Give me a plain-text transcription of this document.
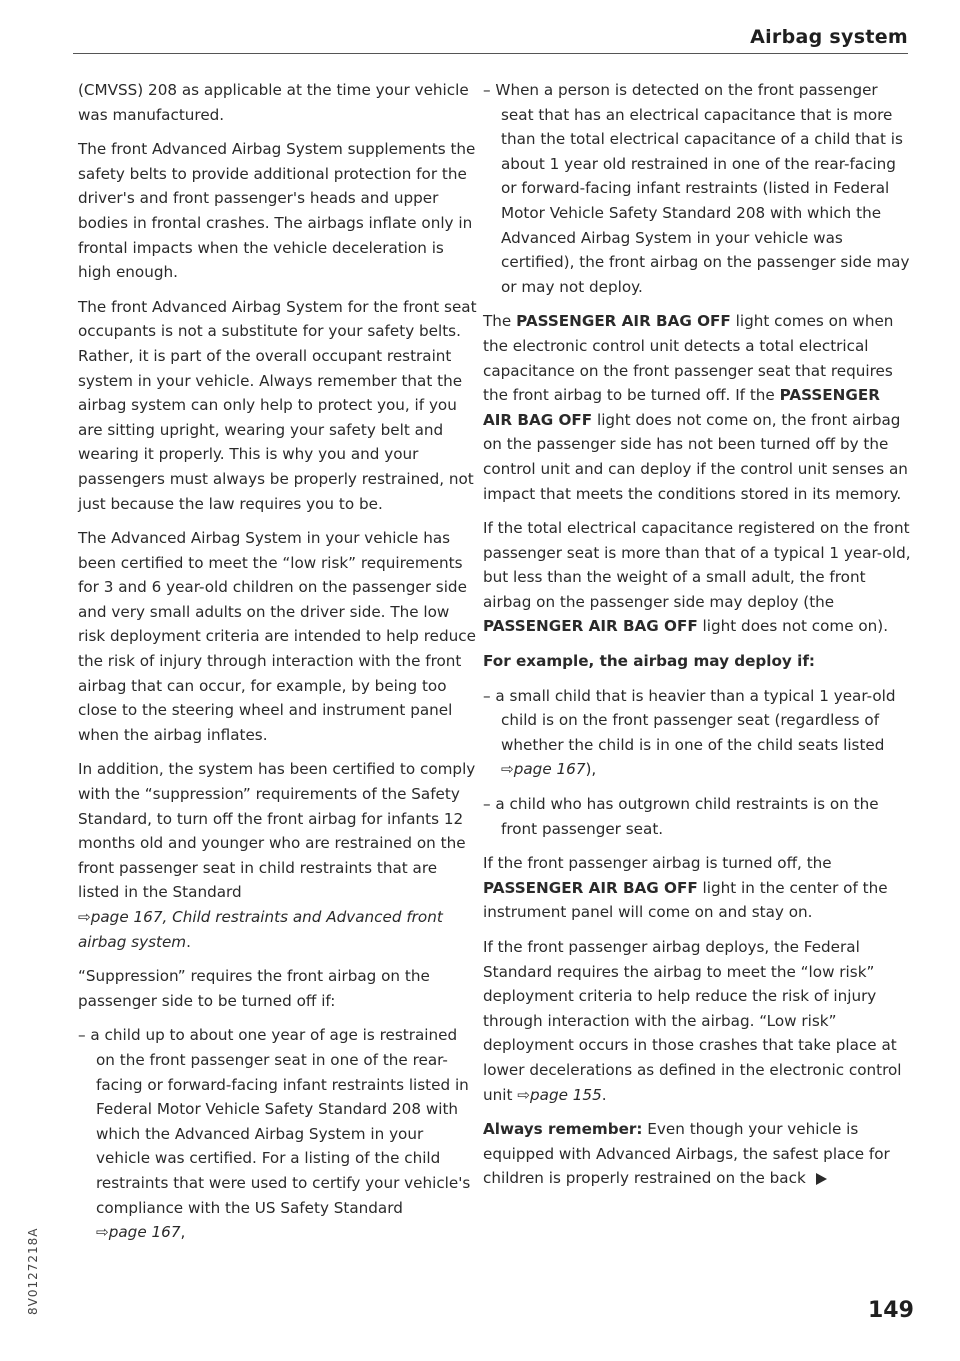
Airbag system

(CMVSS) 208 as applicable at the time your vehicle was manufactured.

The front Advanced Airbag System supplements the safety belts to provide additional protection for the driver's and front passenger's heads and upper bodies in frontal crashes. The airbags inflate only in frontal impacts when the vehicle deceleration is high enough.

The front Advanced Airbag System for the front seat occupants is not a substitute for your safety belts. Rather, it is part of the overall occupant restraint system in your vehicle. Always remember that the airbag system can only help to protect you, if you are sitting upright, wearing your safety belt and wearing it properly. This is why you and your passengers must always be properly restrained, not just because the law requires you to be.

The Advanced Airbag System in your vehicle has been certified to meet the “low risk” requirements for 3 and 6 year-old children on the passenger side and very small adults on the driver side. The low risk deployment criteria are intended to help reduce the risk of injury through interaction with the front airbag that can occur, for example, by being too close to the steering wheel and instrument panel when the airbag inflates.

In addition, the system has been certified to comply with the “suppression” requirements of the Safety Standard, to turn off the front airbag for infants 12 months old and younger who are restrained on the front passenger seat in child restraints that are listed in the Standard
⇨page 167, Child restraints and Advanced front airbag system.

“Suppression” requires the front airbag on the passenger side to be turned off if:

– a child up to about one year of age is restrained on the front passenger seat in one of the rear-facing or forward-facing infant restraints listed in Federal Motor Vehicle Safety Standard 208 with which the Advanced Airbag System in your vehicle was certified. For a listing of the child restraints that were used to certify your vehicle's compliance with the US Safety Standard
⇨page 167,

– When a person is detected on the front passenger seat that has an electrical capacitance that is more than the total electrical capacitance of a child that is about 1 year old restrained in one of the rear-facing or forward-facing infant restraints (listed in Federal Motor Vehicle Safety Standard 208 with which the Advanced Airbag System in your vehicle was certified), the front airbag on the passenger side may or may not deploy.

The PASSENGER AIR BAG OFF light comes on when the electronic control unit detects a total electrical capacitance on the front passenger seat that requires the front airbag to be turned off. If the PASSENGER AIR BAG OFF light does not come on, the front airbag on the passenger side has not been turned off by the control unit and can deploy if the control unit senses an impact that meets the conditions stored in its memory.

If the total electrical capacitance registered on the front passenger seat is more than that of a typical 1 year-old, but less than the weight of a small adult, the front airbag on the passenger side may deploy (the PASSENGER AIR BAG OFF light does not come on).

For example, the airbag may deploy if:

– a small child that is heavier than a typical 1 year-old child is on the front passenger seat (regardless of whether the child is in one of the child seats listed ⇨page 167),

– a child who has outgrown child restraints is on the front passenger seat.

If the front passenger airbag is turned off, the
PASSENGER AIR BAG OFF light in the center of the instrument panel will come on and stay on.

If the front passenger airbag deploys, the Federal Standard requires the airbag to meet the “low risk” deployment criteria to help reduce the risk of injury through interaction with the airbag. “Low risk” deployment occurs in those crashes that take place at lower decelerations as defined in the electronic control unit ⇨page 155.

Always remember: Even though your vehicle is equipped with Advanced Airbags, the safest place for children is properly restrained on the back

149
8V0127218A
